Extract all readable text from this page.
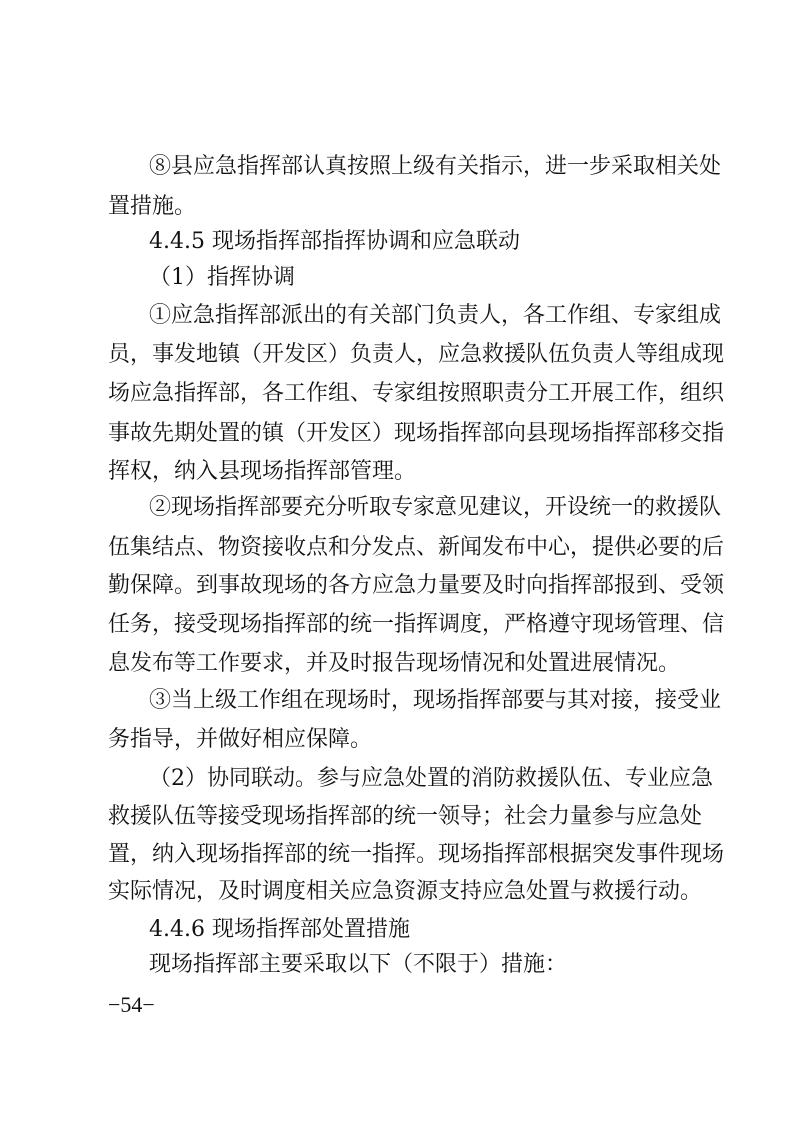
⑧县应急指挥部认真按照上级有关指示，进一步采取相关处
置措施。
4.4.5 现场指挥部指挥协调和应急联动
（1）指挥协调
①应急指挥部派出的有关部门负责人，各工作组、专家组成
员，事发地镇（开发区）负责人，应急救援队伍负责人等组成现
场应急指挥部，各工作组、专家组按照职责分工开展工作，组织
事故先期处置的镇（开发区）现场指挥部向县现场指挥部移交指
挥权，纳入县现场指挥部管理。
②现场指挥部要充分听取专家意见建议，开设统一的救援队
伍集结点、物资接收点和分发点、新闻发布中心，提供必要的后
勤保障。到事故现场的各方应急力量要及时向指挥部报到、受领
任务，接受现场指挥部的统一指挥调度，严格遵守现场管理、信
息发布等工作要求，并及时报告现场情况和处置进展情况。
③当上级工作组在现场时，现场指挥部要与其对接，接受业
务指导，并做好相应保障。
（2）协同联动。参与应急处置的消防救援队伍、专业应急
救援队伍等接受现场指挥部的统一领导；社会力量参与应急处
置，纳入现场指挥部的统一指挥。现场指挥部根据突发事件现场
实际情况，及时调度相关应急资源支持应急处置与救援行动。
4.4.6 现场指挥部处置措施
现场指挥部主要采取以下（不限于）措施：
−54−
